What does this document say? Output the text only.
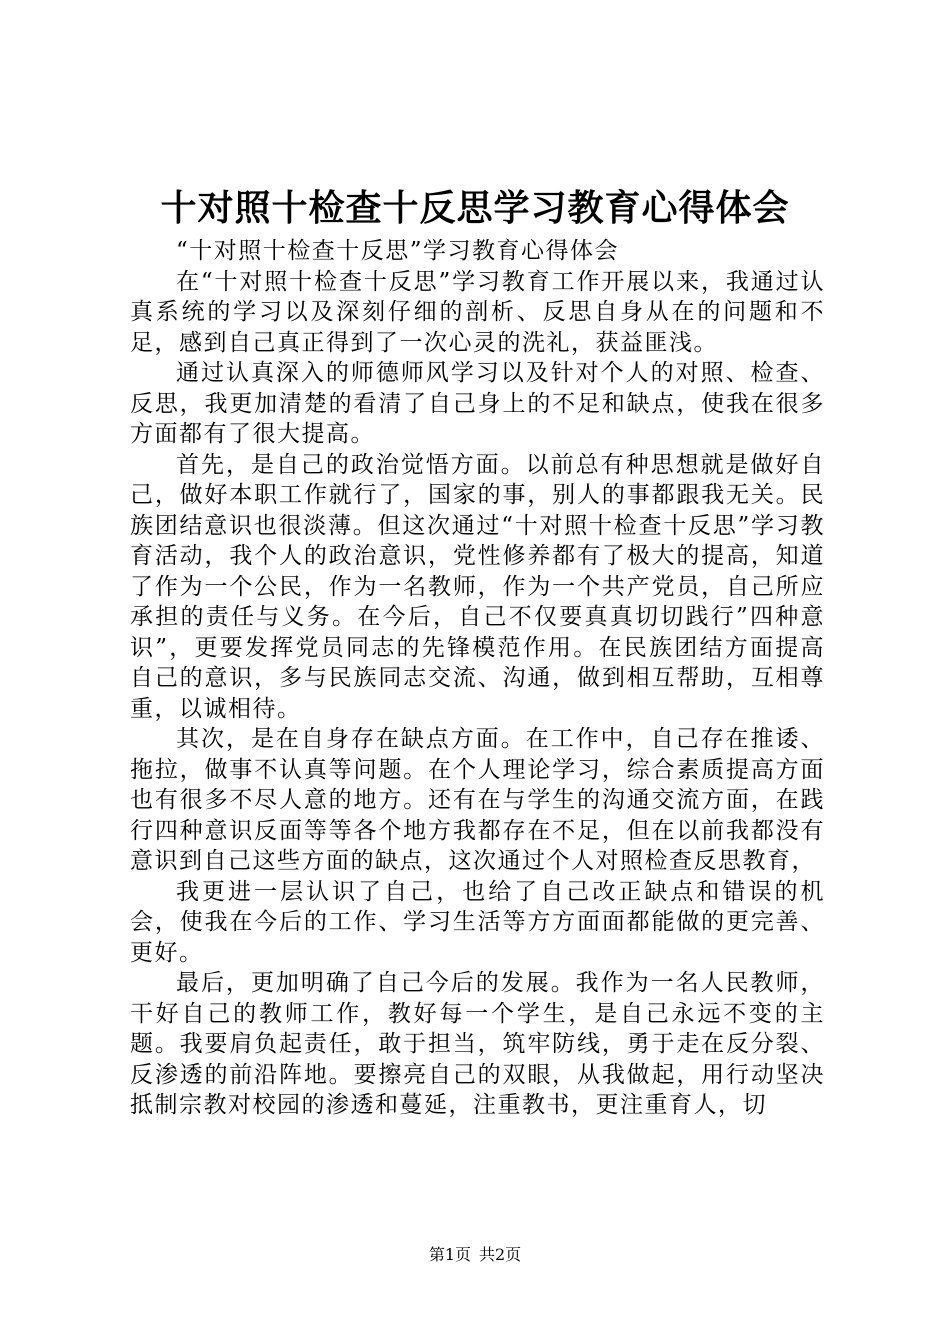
十对照十检查十反思学习教育心得体会

“十对照十检查十反思”学习教育心得体会

在“十对照十检查十反思”学习教育工作开展以来，我通过认真系统的学习以及深刻仔细的剖析、反思自身从在的问题和不足，感到自己真正得到了一次心灵的洗礼，获益匪浅。

通过认真深入的师德师风学习以及针对个人的对照、检查、反思，我更加清楚的看清了自己身上的不足和缺点，使我在很多方面都有了很大提高。

首先，是自己的政治觉悟方面。以前总有种思想就是做好自己，做好本职工作就行了，国家的事，别人的事都跟我无关。民族团结意识也很淡薄。但这次通过“十对照十检查十反思”学习教育活动，我个人的政治意识，党性修养都有了极大的提高，知道了作为一个公民，作为一名教师，作为一个共产党员，自己所应承担的责任与义务。在今后，自己不仅要真真切切践行”四种意识”，更要发挥党员同志的先锋模范作用。在民族团结方面提高自己的意识，多与民族同志交流、沟通，做到相互帮助，互相尊重，以诚相待。

其次，是在自身存在缺点方面。在工作中，自己存在推诿、拖拉，做事不认真等问题。在个人理论学习，综合素质提高方面也有很多不尽人意的地方。还有在与学生的沟通交流方面，在践行四种意识反面等等各个地方我都存在不足，但在以前我都没有意识到自己这些方面的缺点，这次通过个人对照检查反思教育，

我更进一层认识了自己，也给了自己改正缺点和错误的机会，使我在今后的工作、学习生活等方方面面都能做的更完善、更好。

最后，更加明确了自己今后的发展。我作为一名人民教师，干好自己的教师工作，教好每一个学生，是自己永远不变的主题。我要肩负起责任，敢于担当，筑牢防线，勇于走在反分裂、反渗透的前沿阵地。要擦亮自己的双眼，从我做起，用行动坚决抵制宗教对校园的渗透和蔓延，注重教书，更注重育人，切

第1页 共2页
